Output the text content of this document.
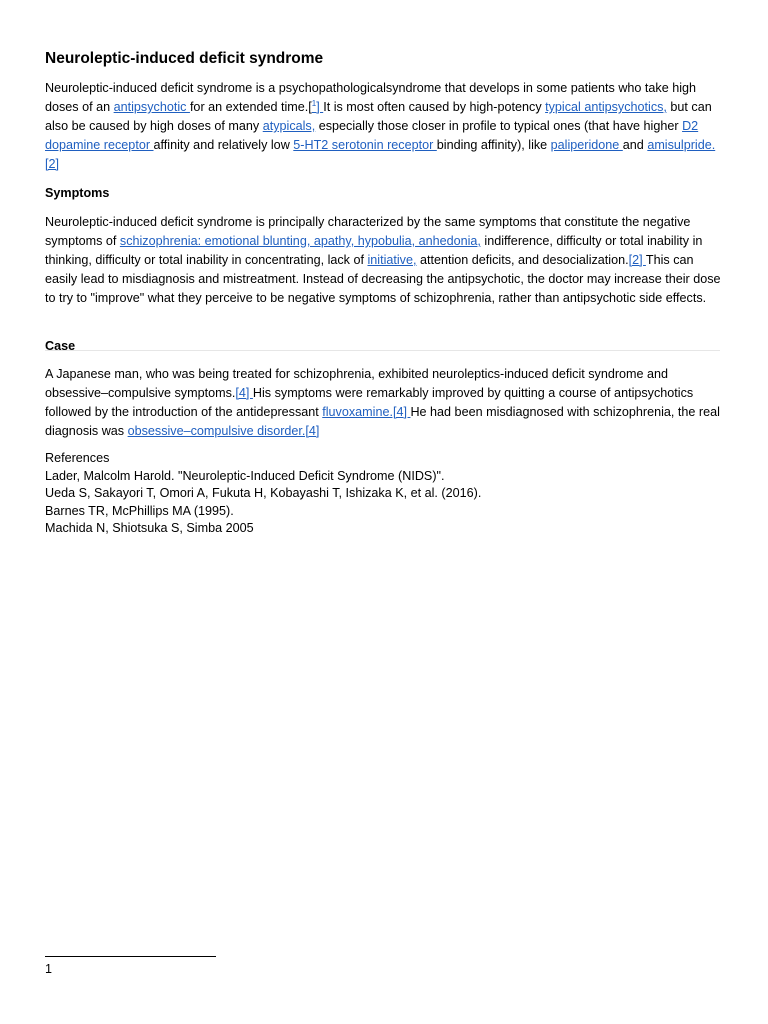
Neuroleptic-induced deficit syndrome

Neuroleptic-induced deficit syndrome is a psychopathologicalsyndrome that develops in some patients who take high doses of an antipsychotic for an extended time.[$^1$] It is most often caused by high-potency typical antipsychotics, but can also be caused by high doses of many atypicals, especially those closer in profile to typical ones (that have higher D2 dopamine receptor affinity and relatively low 5-HT2 serotonin receptor binding affinity), like paliperidone and amisulpride.[2]

Symptoms

Neuroleptic-induced deficit syndrome is principally characterized by the same symptoms that constitute the negative symptoms of schizophrenia: emotional blunting, apathy, hypobulia, anhedonia, indifference, difficulty or total inability in thinking, difficulty or total inability in concentrating, lack of initiative, attention deficits, and desocialization.[2] This can easily lead to misdiagnosis and mistreatment. Instead of decreasing the antipsychotic, the doctor may increase their dose to try to "improve" what they perceive to be negative symptoms of schizophrenia, rather than antipsychotic side effects.

Case

A Japanese man, who was being treated for schizophrenia, exhibited neuroleptics-induced deficit syndrome and obsessive–compulsive symptoms.[4] His symptoms were remarkably improved by quitting a course of antipsychotics followed by the introduction of the antidepressant fluvoxamine.[4] He had been misdiagnosed with schizophrenia, the real diagnosis was obsessive–compulsive disorder.[4]

References
Lader, Malcolm Harold. "Neuroleptic-Induced Deficit Syndrome (NIDS)".
Ueda S, Sakayori T, Omori A, Fukuta H, Kobayashi T, Ishizaka K, et al. (2016).
Barnes TR, McPhillips MA (1995).
Machida N, Shiotsuka S, Simba 2005
1
